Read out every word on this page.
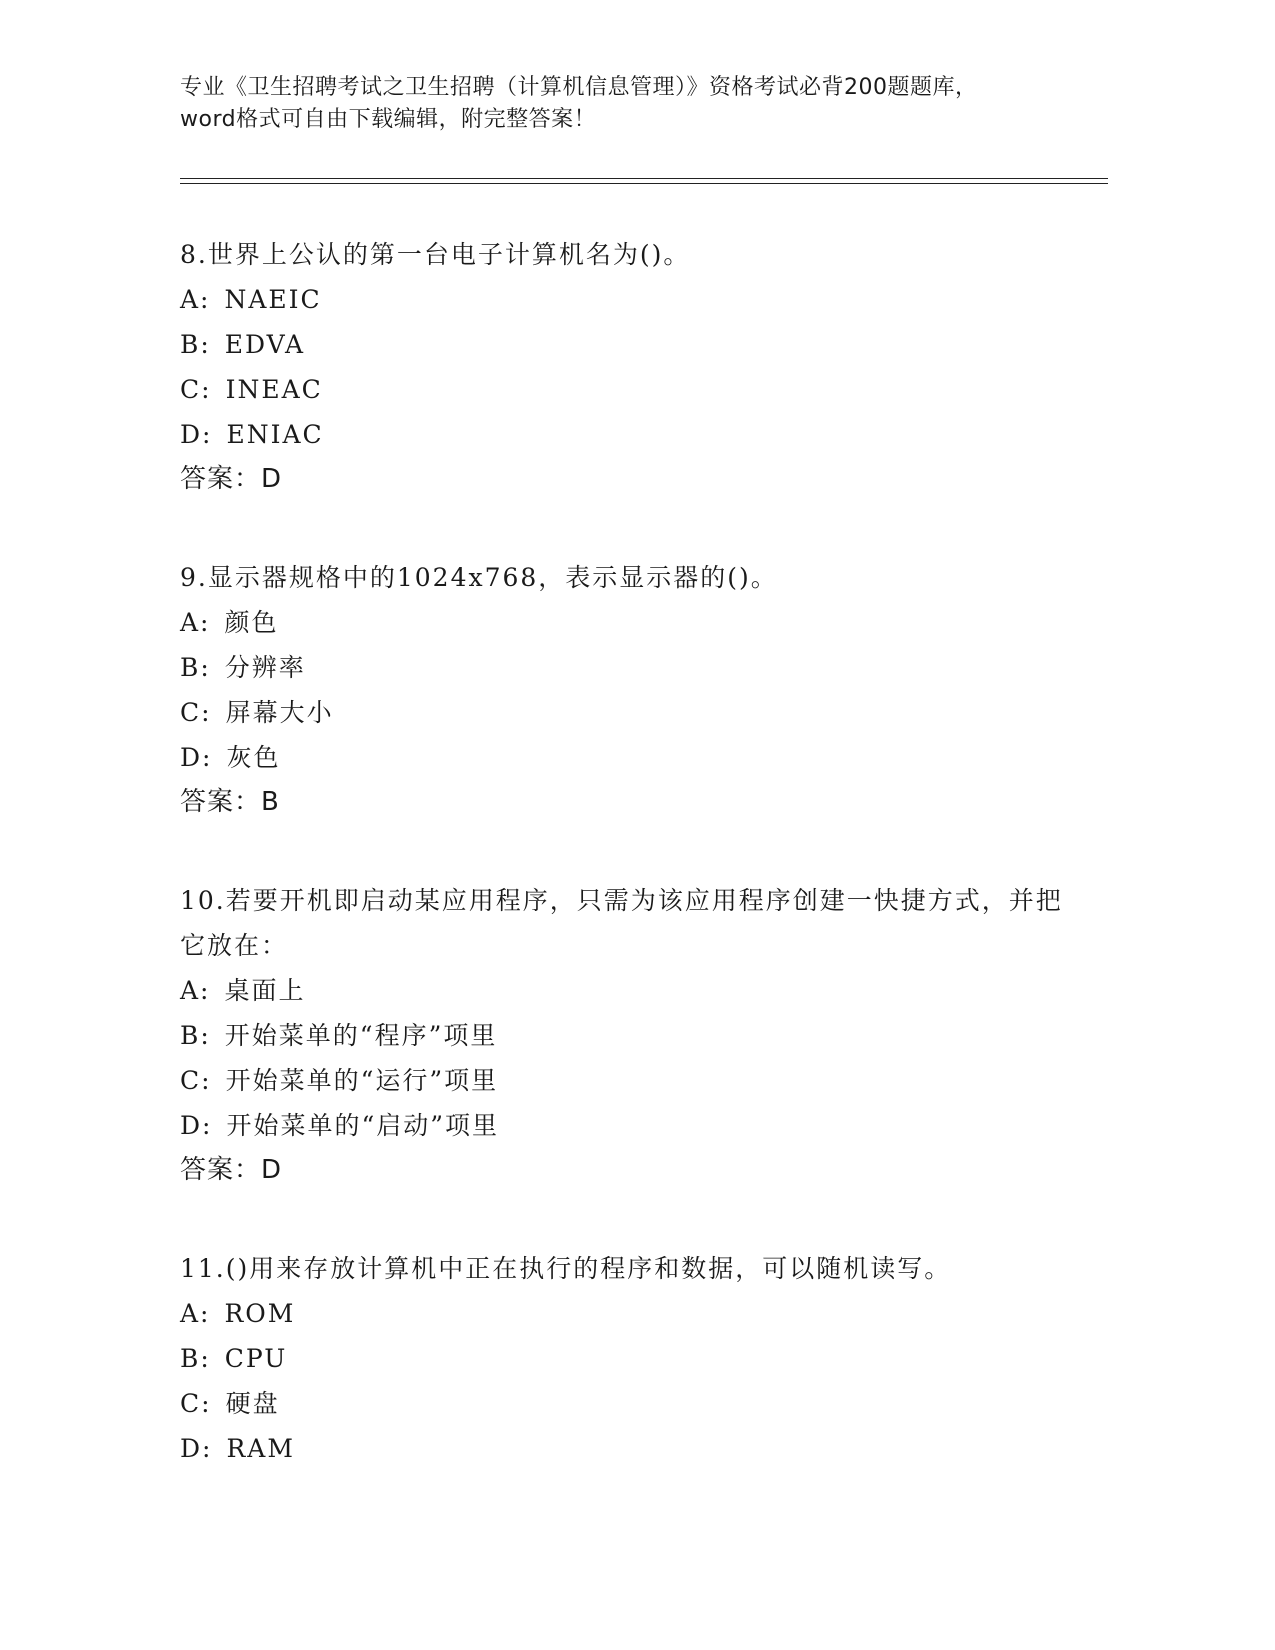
专业《卫生招聘考试之卫生招聘（计算机信息管理）》资格考试必背200题题库，
word格式可自由下载编辑，附完整答案！

8.世界上公认的第一台电子计算机名为()。

A: NAEIC

B: EDVA

C: INEAC

D: ENIAC

答案：D

9.显示器规格中的1024x768，表示显示器的()。

A: 颜色

B: 分辨率

C: 屏幕大小

D: 灰色

答案：B

10.若要开机即启动某应用程序，只需为该应用程序创建一快捷方式，并把它放在：

A: 桌面上

B: 开始菜单的“程序”项里

C: 开始菜单的“运行”项里

D: 开始菜单的“启动”项里

答案：D

11.()用来存放计算机中正在执行的程序和数据，可以随机读写。

A: ROM

B: CPU

C: 硬盘

D: RAM
